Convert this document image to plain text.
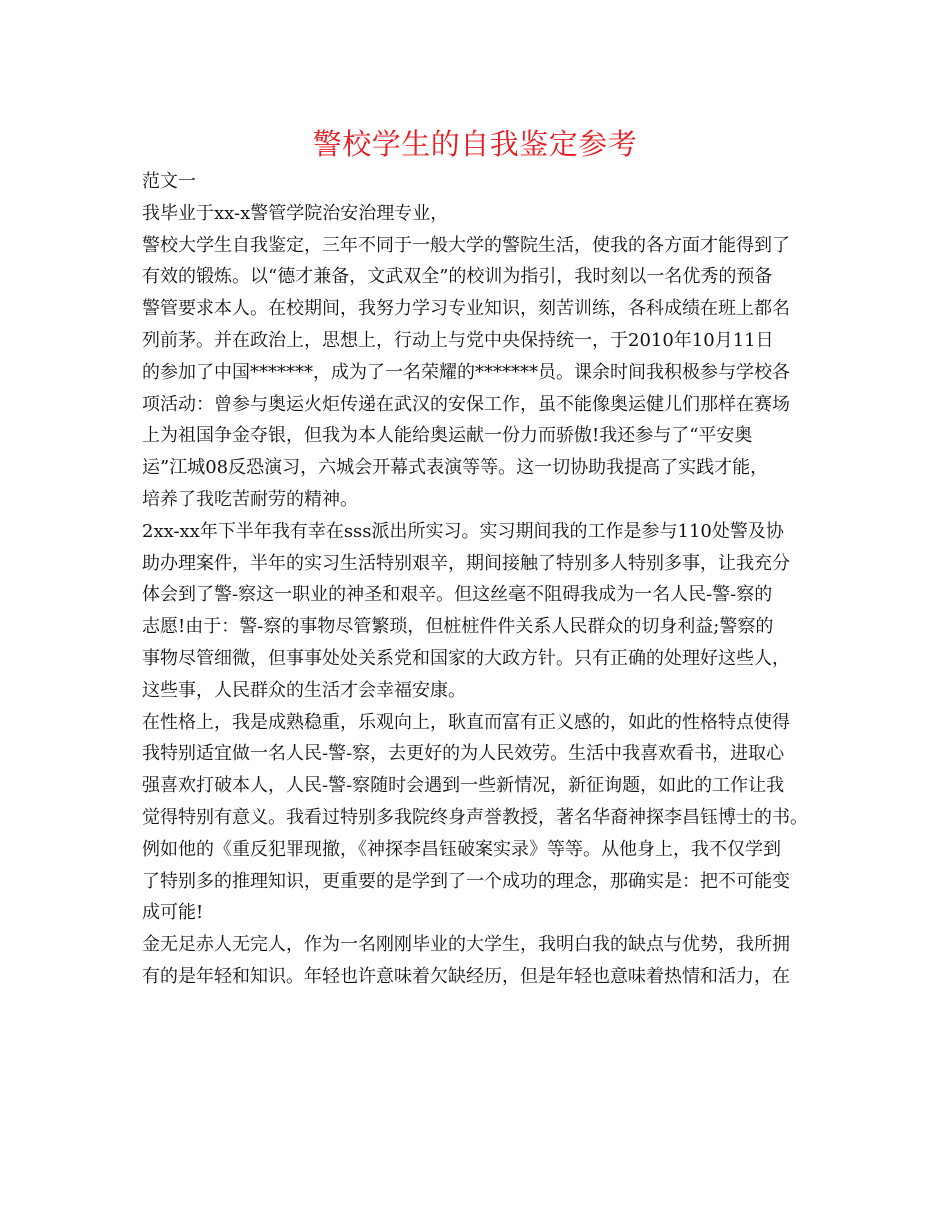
警校学生的自我鉴定参考
范文一
我毕业于xx-x警管学院治安治理专业，
警校大学生自我鉴定，三年不同于一般大学的警院生活，使我的各方面才能得到了
有效的锻炼。以“德才兼备，文武双全”的校训为指引，我时刻以一名优秀的预备
警管要求本人。在校期间，我努力学习专业知识，刻苦训练，各科成绩在班上都名
列前茅。并在政治上，思想上，行动上与党中央保持统一，于2010年10月11日
的参加了中国*******，成为了一名荣耀的*******员。课余时间我积极参与学校各
项活动：曾参与奥运火炬传递在武汉的安保工作，虽不能像奥运健儿们那样在赛场
上为祖国争金夺银，但我为本人能给奥运献一份力而骄傲!我还参与了“平安奥
运”江城08反恐演习，六城会开幕式表演等等。这一切协助我提高了实践才能，
培养了我吃苦耐劳的精神。
2xx-xx年下半年我有幸在sss派出所实习。实习期间我的工作是参与110处警及协
助办理案件，半年的实习生活特别艰辛，期间接触了特别多人特别多事，让我充分
体会到了警-察这一职业的神圣和艰辛。但这丝毫不阻碍我成为一名人民-警-察的
志愿!由于：警-察的事物尽管繁琐，但桩桩件件关系人民群众的切身利益;警察的
事物尽管细微，但事事处处关系党和国家的大政方针。只有正确的处理好这些人，
这些事，人民群众的生活才会幸福安康。
在性格上，我是成熟稳重，乐观向上，耿直而富有正义感的，如此的性格特点使得
我特别适宜做一名人民-警-察，去更好的为人民效劳。生活中我喜欢看书，进取心
强喜欢打破本人，人民-警-察随时会遇到一些新情况，新征询题，如此的工作让我
觉得特别有意义。我看过特别多我院终身声誉教授，著名华裔神探李昌钰博士的书。
例如他的《重反犯罪现撤，《神探李昌钰破案实录》等等。从他身上，我不仅学到
了特别多的推理知识，更重要的是学到了一个成功的理念，那确实是：把不可能变
成可能!
金无足赤人无完人，作为一名刚刚毕业的大学生，我明白我的缺点与优势，我所拥
有的是年轻和知识。年轻也许意味着欠缺经历，但是年轻也意味着热情和活力，在
